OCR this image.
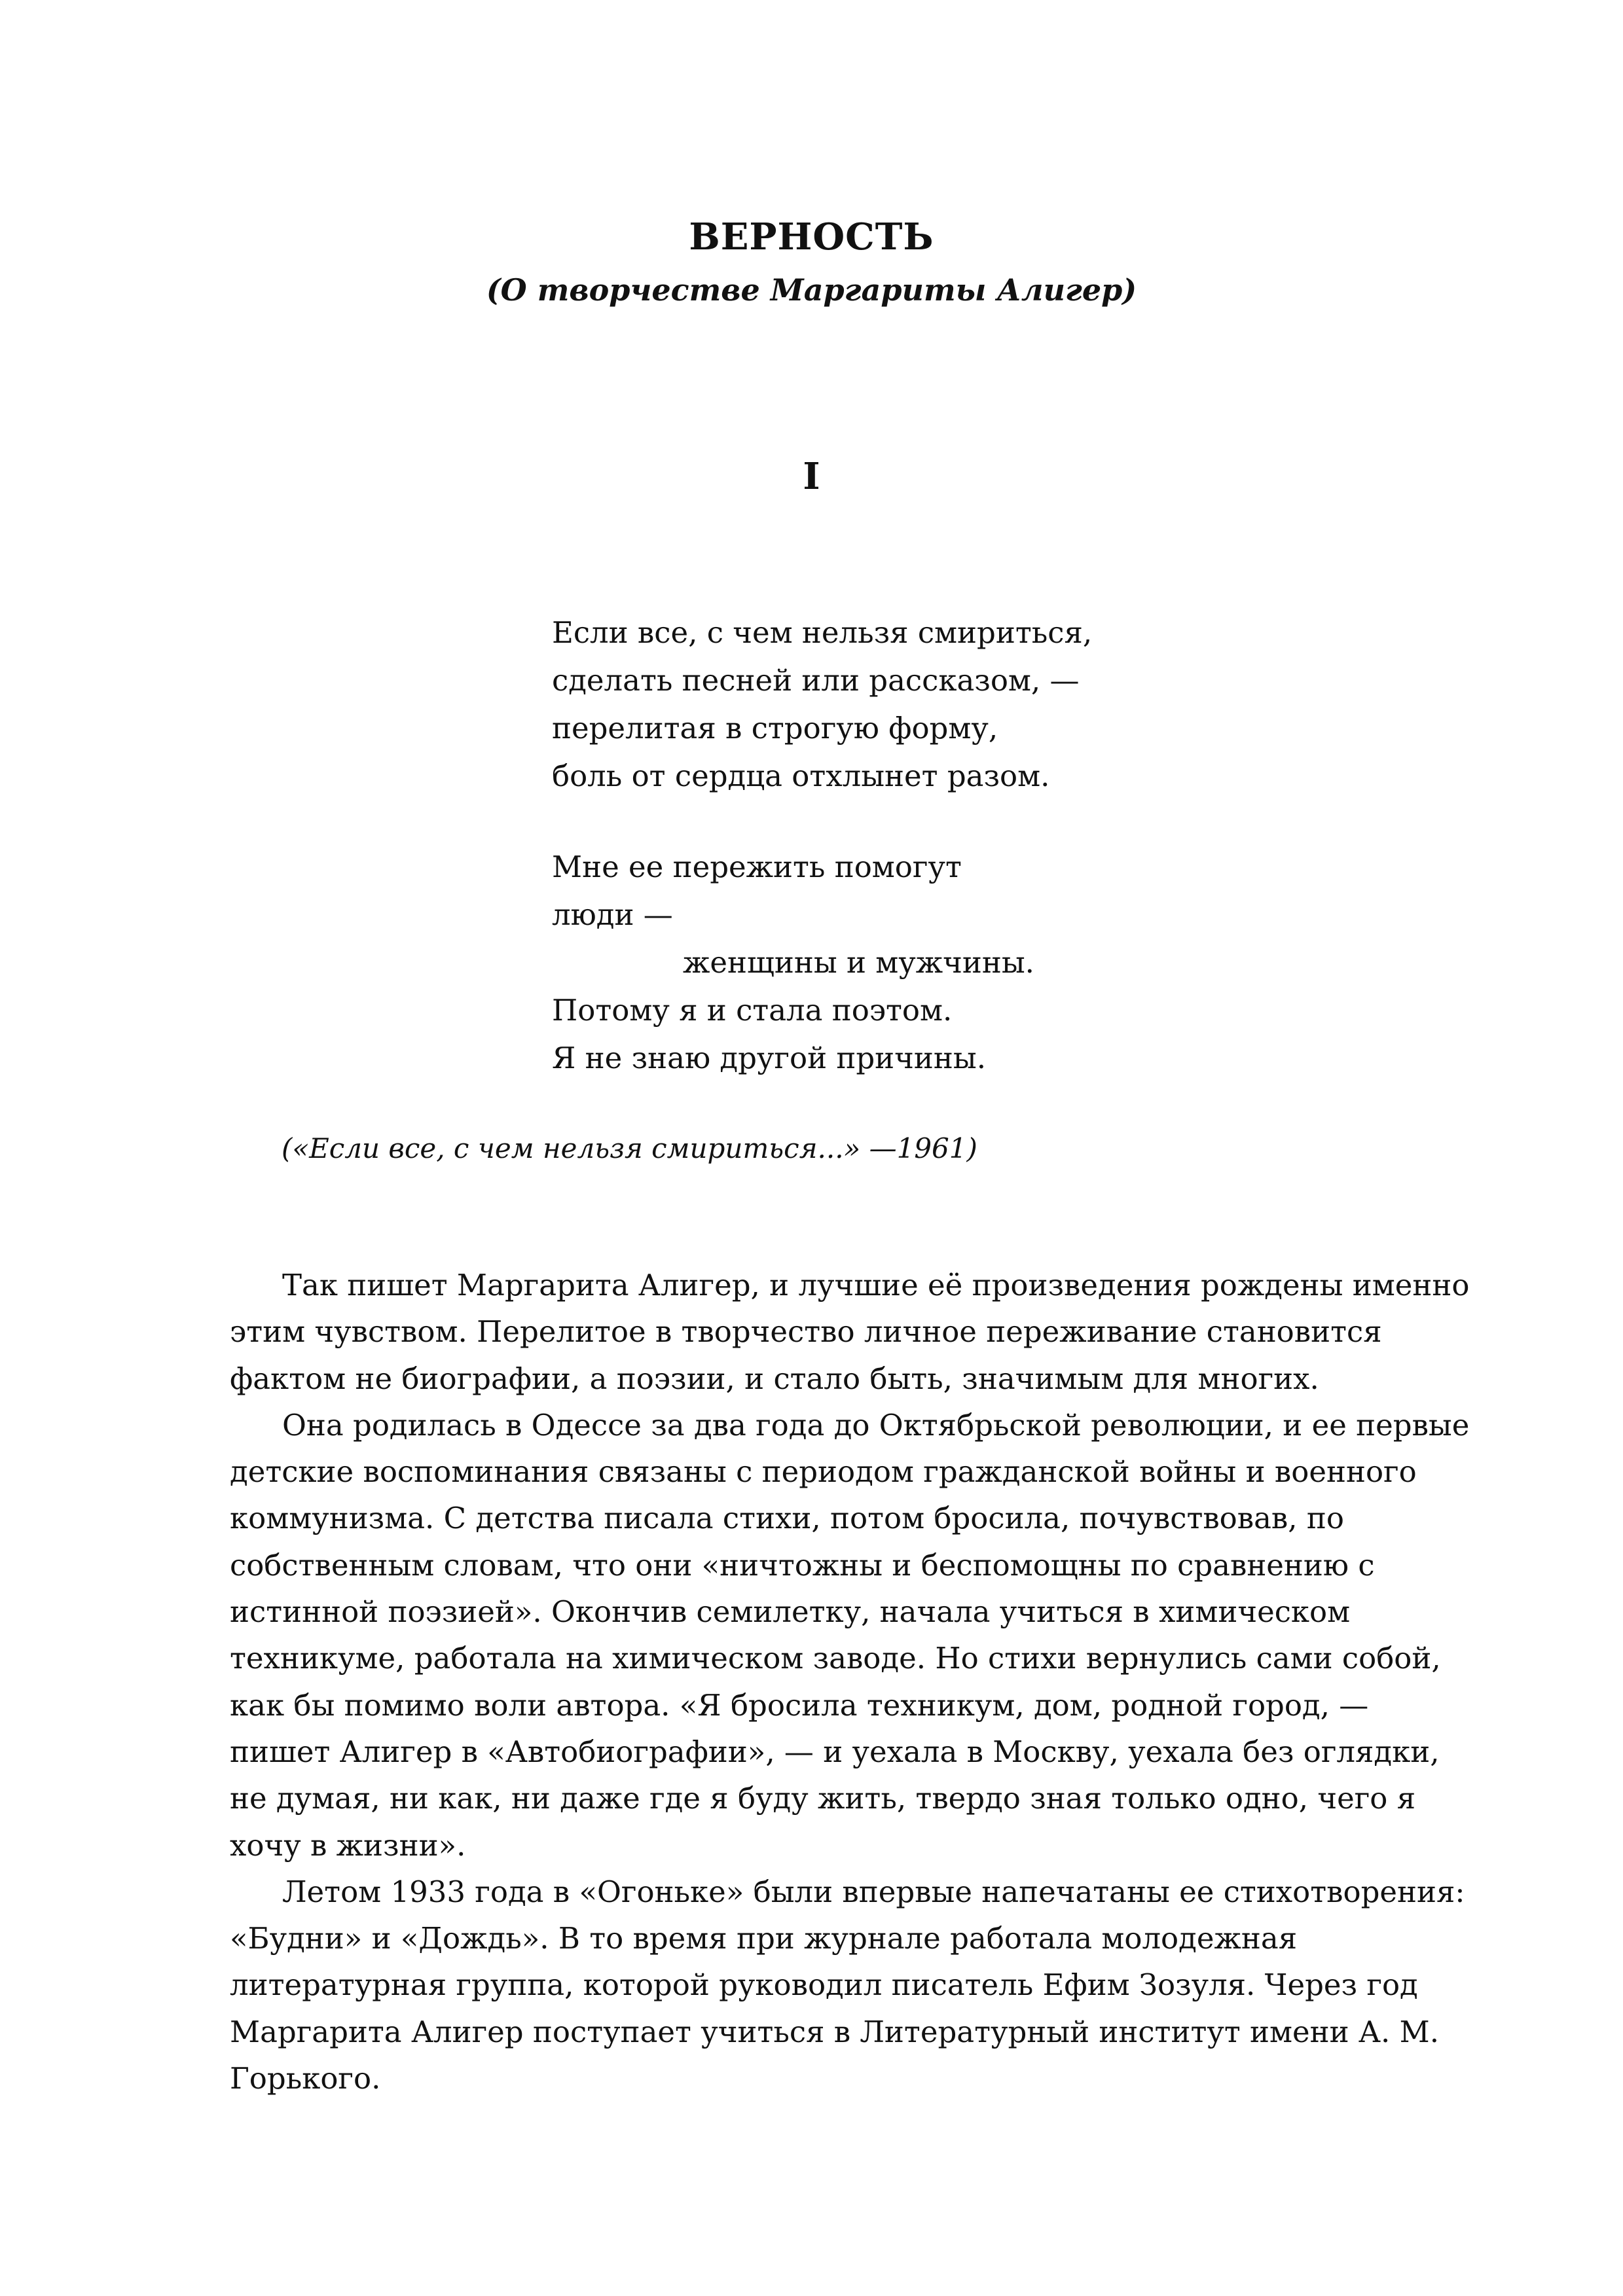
ВЕРНОСТЬ
(О творчестве Маргариты Алигер)
I
Если все, с чем нельзя смириться,
сделать песней или рассказом, —
перелитая в строгую форму,
боль от сердца отхлынет разом.
Мне ее пережить помогут
люди —
женщины и мужчины.
Потому я и стала поэтом.
Я не знаю другой причины.
(«Если все, с чем нельзя смириться...» —1961)
Так пишет Маргарита Алигер, и лучшие её произведения рождены именно
этим чувством. Перелитое в творчество личное переживание становится
фактом не биографии, а поэзии, и стало быть, значимым для многих.
Она родилась в Одессе за два года до Октябрьской революции, и ее первые
детские воспоминания связаны с периодом гражданской войны и военного
коммунизма. С детства писала стихи, потом бросила, почувствовав, по
собственным словам, что они «ничтожны и беспомощны по сравнению с
истинной поэзией». Окончив семилетку, начала учиться в химическом
техникуме, работала на химическом заводе. Но стихи вернулись сами собой,
как бы помимо воли автора. «Я бросила техникум, дом, родной город, —
пишет Алигер в «Автобиографии», — и уехала в Москву, уехала без оглядки,
не думая, ни как, ни даже где я буду жить, твердо зная только одно, чего я
хочу в жизни».
Летом 1933 года в «Огоньке» были впервые напечатаны ее стихотворения:
«Будни» и «Дождь». В то время при журнале работала молодежная
литературная группа, которой руководил писатель Ефим Зозуля. Через год
Маргарита Алигер поступает учиться в Литературный институт имени А. М.
Горького.
